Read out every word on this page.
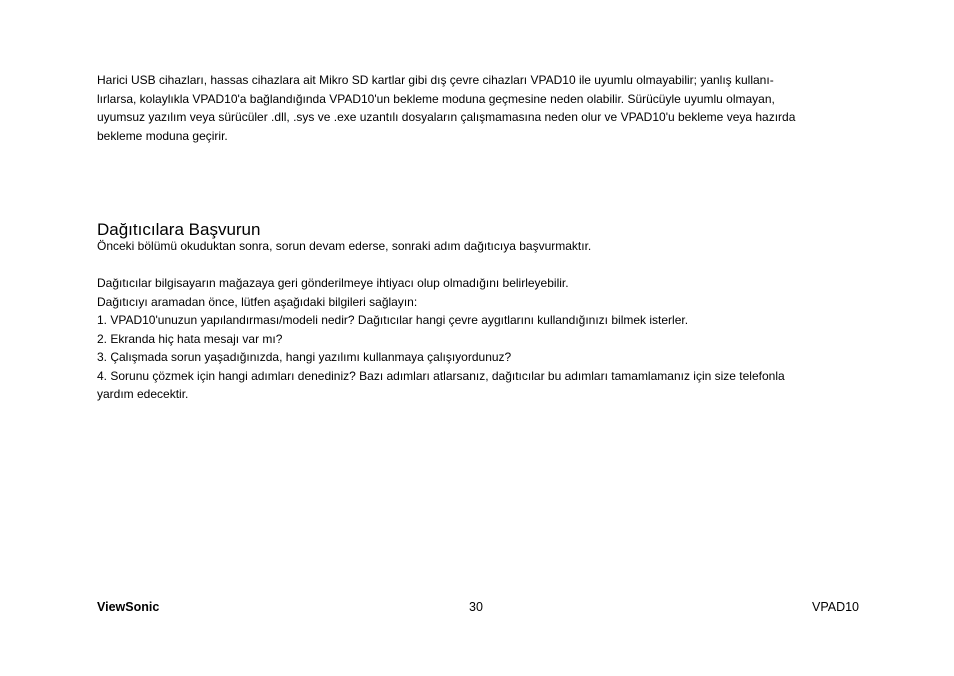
Harici USB cihazları, hassas cihazlara ait Mikro SD kartlar gibi dış çevre cihazları VPAD10 ile uyumlu olmayabilir; yanlış kullanı-

lırlarsa, kolaylıkla VPAD10'a bağlandığında VPAD10'un bekleme moduna geçmesine neden olabilir. Sürücüyle uyumlu olmayan,

uyumsuz yazılım veya sürücüler .dll, .sys ve .exe uzantılı dosyaların çalışmamasına neden olur ve VPAD10'u bekleme veya hazırda

bekleme moduna geçirir.

Dağıtıcılara Başvurun

Önceki bölümü okuduktan sonra, sorun devam ederse, sonraki adım dağıtıcıya başvurmaktır.

Dağıtıcılar bilgisayarın mağazaya geri gönderilmeye ihtiyacı olup olmadığını belirleyebilir.

Dağıtıcıyı aramadan önce, lütfen aşağıdaki bilgileri sağlayın:

1. VPAD10'unuzun yapılandırması/modeli nedir? Dağıtıcılar hangi çevre aygıtlarını kullandığınızı bilmek isterler.

2. Ekranda hiç hata mesajı var mı?

3. Çalışmada sorun yaşadığınızda, hangi yazılımı kullanmaya çalışıyordunuz?

4. Sorunu çözmek için hangi adımları denediniz? Bazı adımları atlarsanız, dağıtıcılar bu adımları tamamlamanız için size telefonla

yardım edecektir.

ViewSonic	30	VPAD10
